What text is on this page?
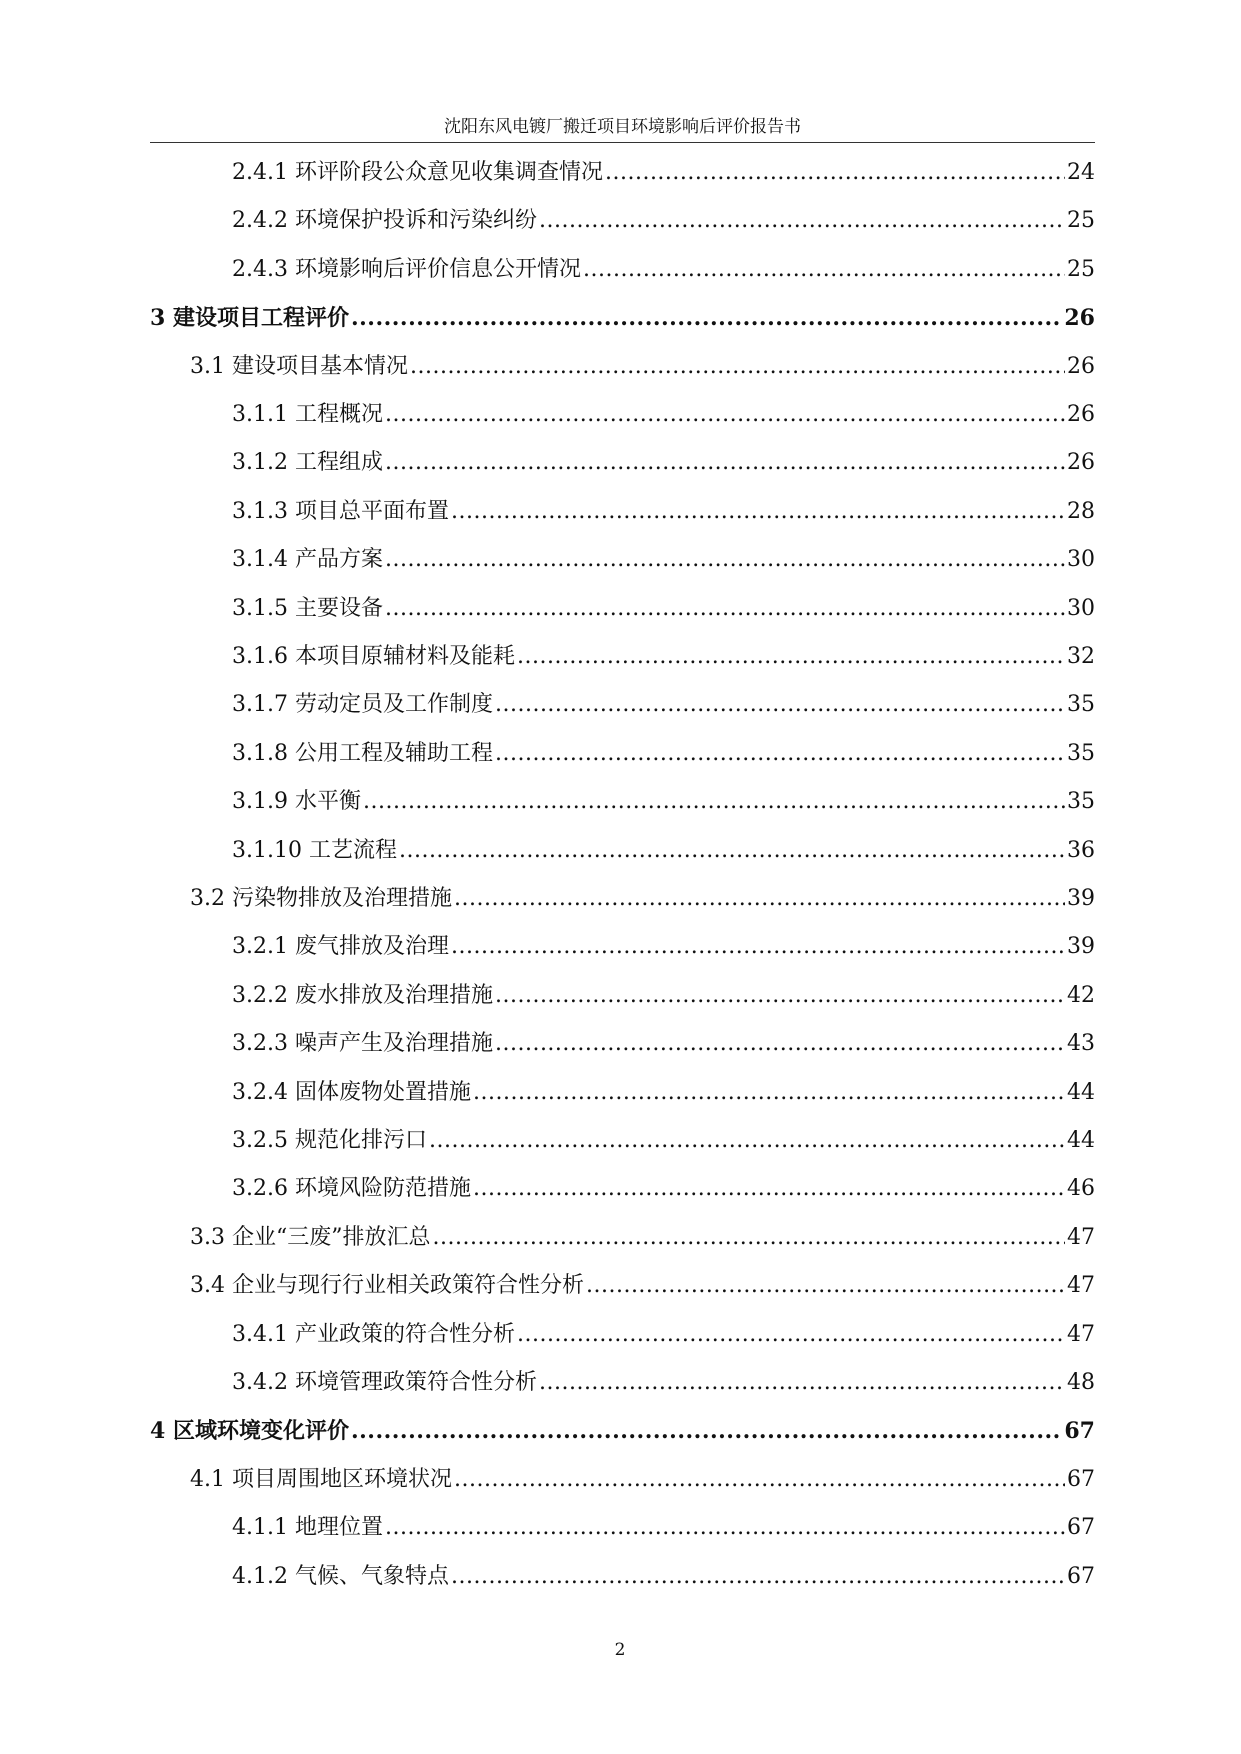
沈阳东风电镀厂搬迁项目环境影响后评价报告书
2.4.1 环评阶段公众意见收集调查情况 .....	24
2.4.2 环境保护投诉和污染纠纷 .....	25
2.4.3 环境影响后评价信息公开情况 .....	25
3 建设项目工程评价 .....	26
3.1 建设项目基本情况 .....	26
3.1.1 工程概况 .....	26
3.1.2 工程组成 .....	26
3.1.3 项目总平面布置 .....	28
3.1.4 产品方案 .....	30
3.1.5 主要设备 .....	30
3.1.6 本项目原辅材料及能耗 .....	32
3.1.7 劳动定员及工作制度 .....	35
3.1.8 公用工程及辅助工程 .....	35
3.1.9 水平衡 .....	35
3.1.10 工艺流程 .....	36
3.2 污染物排放及治理措施 .....	39
3.2.1 废气排放及治理 .....	39
3.2.2 废水排放及治理措施 .....	42
3.2.3 噪声产生及治理措施 .....	43
3.2.4 固体废物处置措施 .....	44
3.2.5 规范化排污口 .....	44
3.2.6 环境风险防范措施 .....	46
3.3 企业“三废”排放汇总 .....	47
3.4 企业与现行行业相关政策符合性分析 .....	47
3.4.1 产业政策的符合性分析 .....	47
3.4.2 环境管理政策符合性分析 .....	48
4 区域环境变化评价 .....	67
4.1 项目周围地区环境状况 .....	67
4.1.1 地理位置 .....	67
4.1.2 气候、气象特点 .....	67
2
